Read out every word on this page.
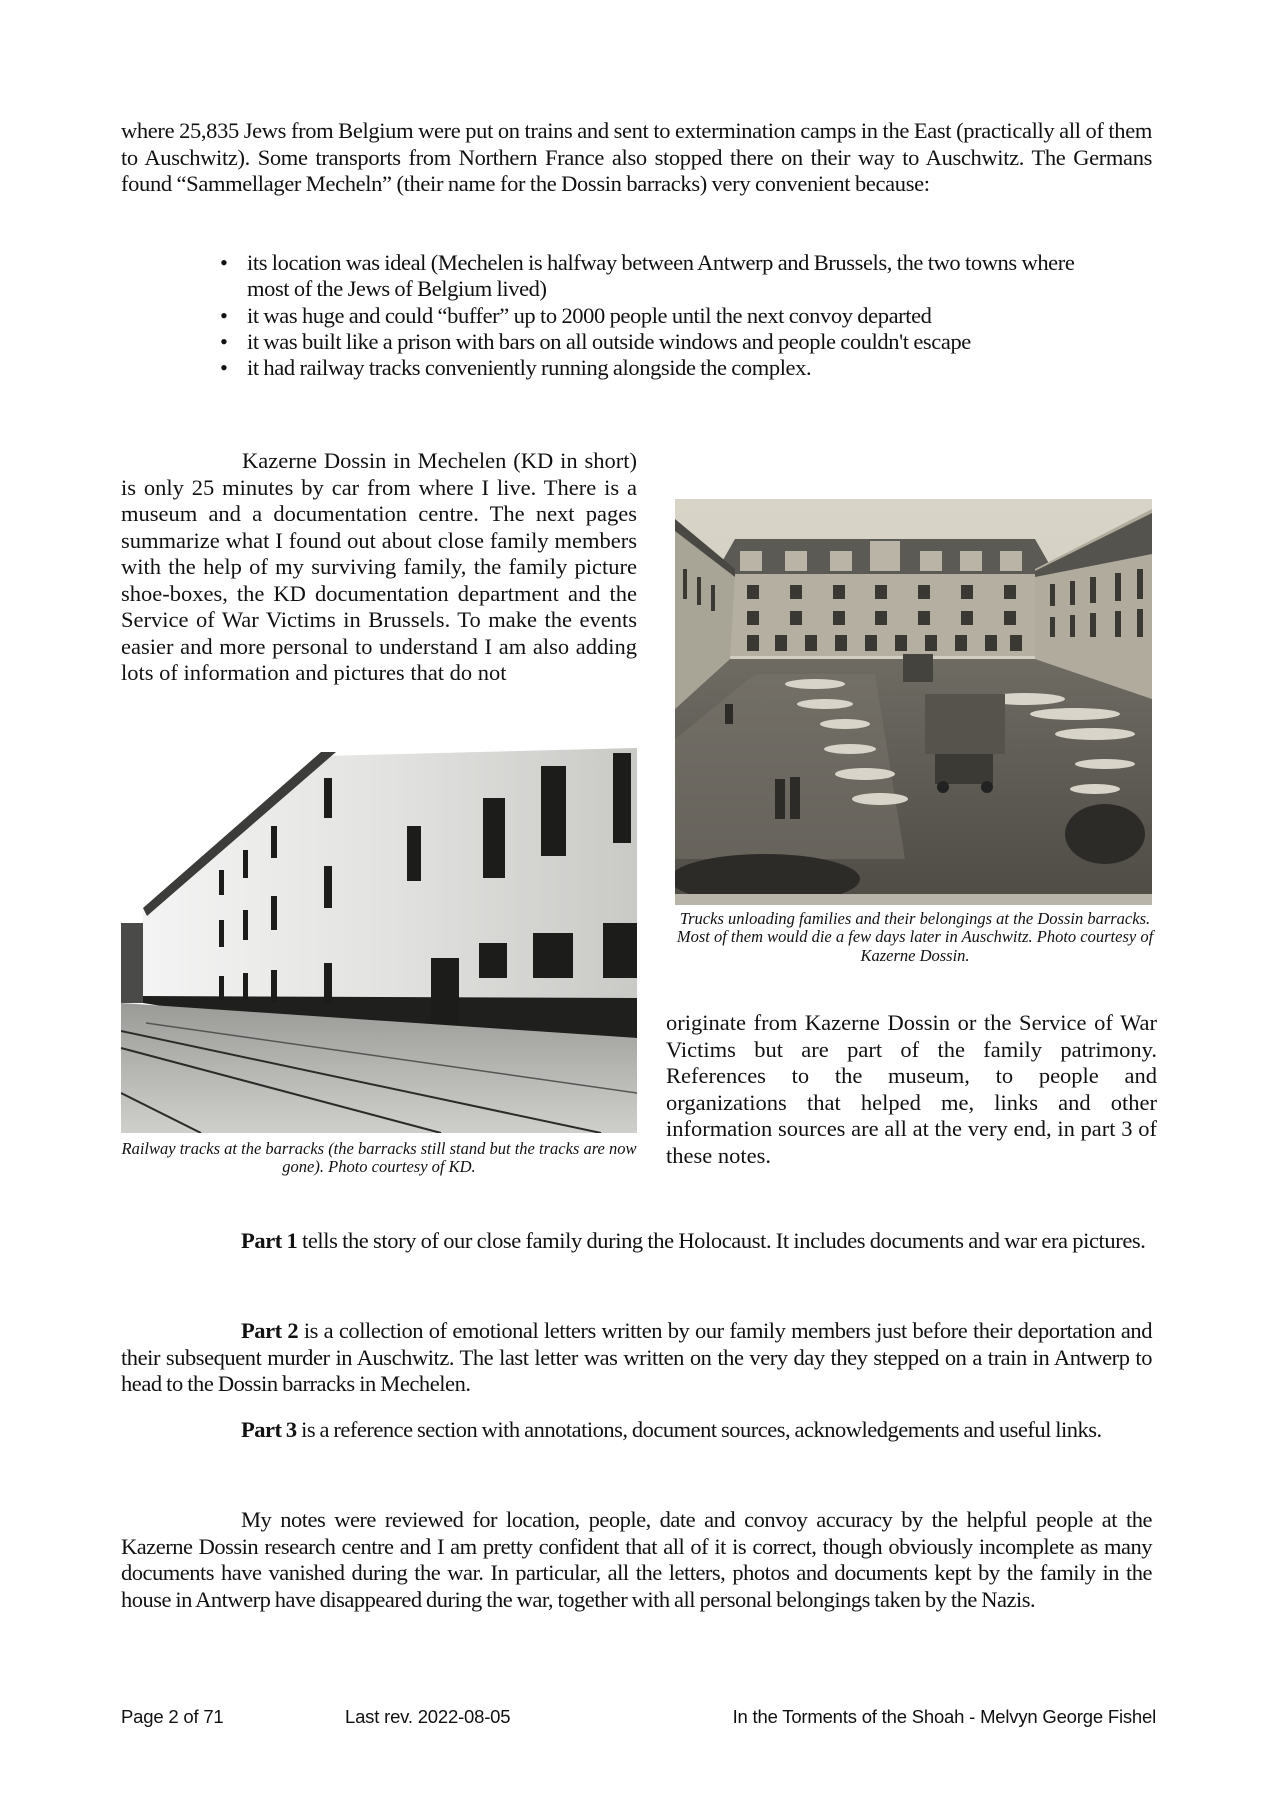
where 25,835 Jews from Belgium were put on trains and sent to extermination camps in the East (practically all of them to Auschwitz). Some transports from Northern France also stopped there on their way to Auschwitz. The Germans found “Sammellager Mecheln” (their name for the Dossin barracks) very convenient because:
• its location was ideal (Mechelen is halfway between Antwerp and Brussels, the two towns where most of the Jews of Belgium lived)
• it was huge and could “buffer” up to 2000 people until the next convoy departed
• it was built like a prison with bars on all outside windows and people couldn't escape
• it had railway tracks conveniently running alongside the complex.
Kazerne Dossin in Mechelen (KD in short) is only 25 minutes by car from where I live. There is a museum and a documentation centre. The next pages summarize what I found out about close family members with the help of my surviving family, the family picture shoe-boxes, the KD documentation department and the Service of War Victims in Brussels. To make the events easier and more personal to understand I am also adding lots of information and pictures that do not
Trucks unloading families and their belongings at the Dossin barracks. Most of them would die a few days later in Auschwitz. Photo courtesy of Kazerne Dossin.
Railway tracks at the barracks (the barracks still stand but the tracks are now gone). Photo courtesy of KD.
originate from Kazerne Dossin or the Service of War Victims but are part of the family patrimony. References to the museum, to people and organizations that helped me, links and other information sources are all at the very end, in part 3 of these notes.
Part 1 tells the story of our close family during the Holocaust. It includes documents and war era pictures.
Part 2 is a collection of emotional letters written by our family members just before their deportation and their subsequent murder in Auschwitz. The last letter was written on the very day they stepped on a train in Antwerp to head to the Dossin barracks in Mechelen.
Part 3 is a reference section with annotations, document sources, acknowledgements and useful links.
My notes were reviewed for location, people, date and convoy accuracy by the helpful people at the Kazerne Dossin research centre and I am pretty confident that all of it is correct, though obviously incomplete as many documents have vanished during the war. In particular, all the letters, photos and documents kept by the family in the house in Antwerp have disappeared during the war, together with all personal belongings taken by the Nazis.
Page 2 of 71	Last rev. 2022-08-05	In the Torments of the Shoah - Melvyn George Fishel
